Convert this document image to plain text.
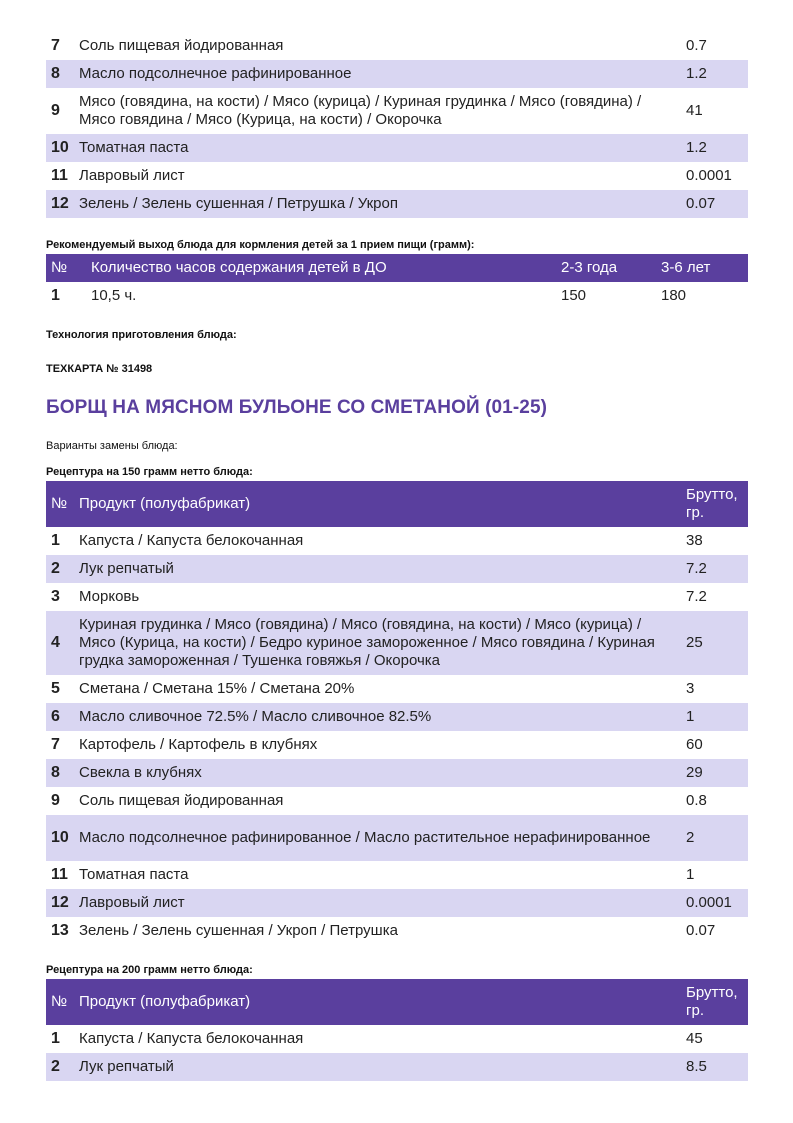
7	Соль пищевая йодированная	0.7
8	Масло подсолнечное рафинированное	1.2
9	Мясо (говядина, на кости) / Мясо (курица) / Куриная грудинка / Мясо (говядина) / Мясо говядина / Мясо (Курица, на кости) / Окорочка	41
10	Томатная паста	1.2
11	Лавровый лист	0.0001
12	Зелень / Зелень сушенная / Петрушка / Укроп	0.07
Рекомендуемый выход блюда для кормления детей за 1 прием пищи (грамм):
№	Количество часов содержания детей в ДО	2-3 года	3-6 лет
1	10,5 ч.	150	180
Технология приготовления блюда:
ТЕХКАРТА № 31498
БОРЩ НА МЯСНОМ БУЛЬОНЕ СО СМЕТАНОЙ (01-25)
Варианты замены блюда:
Рецептура на 150 грамм нетто блюда:
№	Продукт (полуфабрикат)	Брутто, гр.
1	Капуста / Капуста белокочанная	38
2	Лук репчатый	7.2
3	Морковь	7.2
4	Куриная грудинка / Мясо (говядина) / Мясо (говядина, на кости) / Мясо (курица) / Мясо (Курица, на кости) / Бедро куриное замороженное / Мясо говядина / Куриная грудка замороженная / Тушенка говяжья / Окорочка	25
5	Сметана / Сметана 15% / Сметана 20%	3
6	Масло сливочное 72.5% / Масло сливочное 82.5%	1
7	Картофель / Картофель в клубнях	60
8	Свекла в клубнях	29
9	Соль пищевая йодированная	0.8
10	Масло подсолнечное рафинированное / Масло растительное нерафинированное	2
11	Томатная паста	1
12	Лавровый лист	0.0001
13	Зелень / Зелень сушенная / Укроп / Петрушка	0.07
Рецептура на 200 грамм нетто блюда:
№	Продукт (полуфабрикат)	Брутто, гр.
1	Капуста / Капуста белокочанная	45
2	Лук репчатый	8.5
